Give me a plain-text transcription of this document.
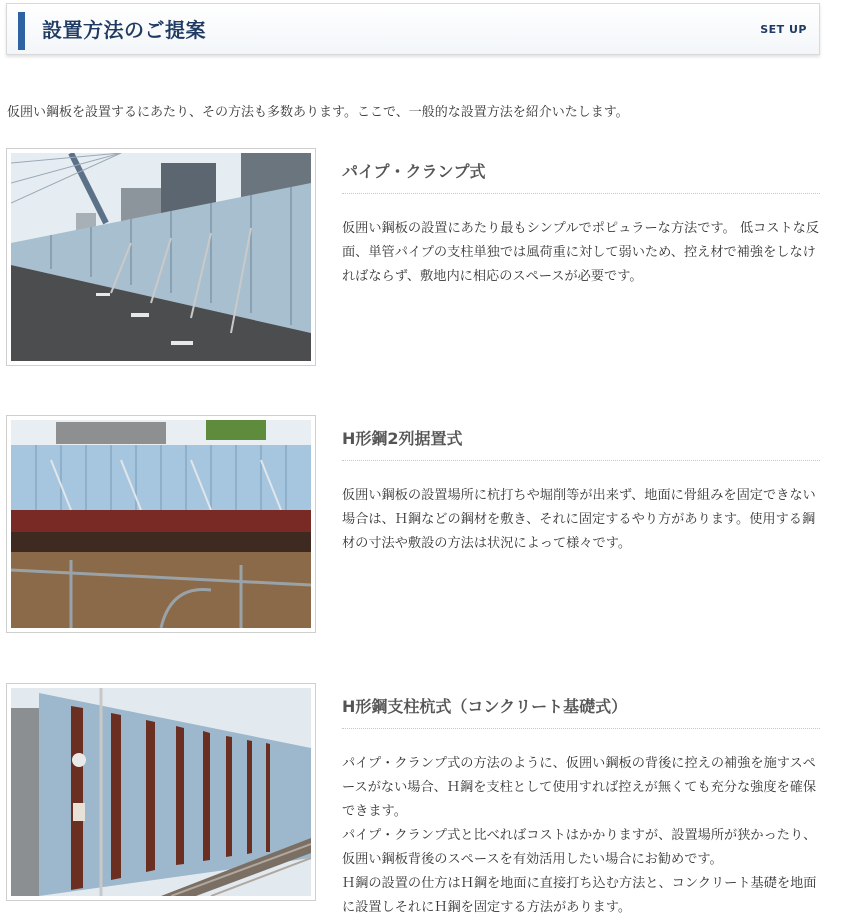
設置方法のご提案	SET UP
仮囲い鋼板を設置するにあたり、その方法も多数あります。ここで、一般的な設置方法を紹介いたします。
パイプ・クランプ式

仮囲い鋼板の設置にあたり最もシンプルでポピュラーな方法です。 低コストな反面、単管パイプの支柱単独では風荷重に対して弱いため、控え材で補強をしなければならず、敷地内に相応のスペースが必要です。

H形鋼2列据置式

仮囲い鋼板の設置場所に杭打ちや堀削等が出来ず、地面に骨組みを固定できない場合は、Ｈ鋼などの鋼材を敷き、それに固定するやり方があります。使用する鋼材の寸法や敷設の方法は状況によって様々です。

H形鋼支柱杭式（コンクリート基礎式）

パイプ・クランプ式の方法のように、仮囲い鋼板の背後に控えの補強を施すスペースがない場合、Ｈ鋼を支柱として使用すれば控えが無くても充分な強度を確保できます。

パイプ・クランプ式と比べればコストはかかりますが、設置場所が狭かったり、仮囲い鋼板背後のスペースを有効活用したい場合にお勧めです。

Ｈ鋼の設置の仕方はＨ鋼を地面に直接打ち込む方法と、コンクリート基礎を地面に設置しそれにＨ鋼を固定する方法があります。
